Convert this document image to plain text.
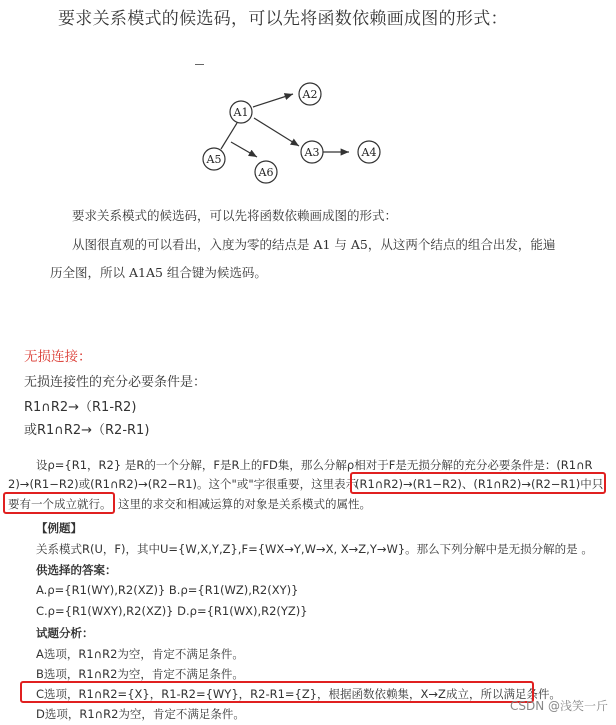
要求关系模式的候选码，可以先将函数依赖画成图的形式：
A1
A2
A3	A4
A5
A6
要求关系模式的候选码，可以先将函数依赖画成图的形式：
从图很直观的可以看出，入度为零的结点是 A1 与 A5，从这两个结点的组合出发，能遍
历全图，所以 A1A5 组合键为候选码。
无损连接：
无损连接性的充分必要条件是：
R1∩R2→（R1-R2)
或R1∩R2→（R2-R1)
设ρ={R1，R2} 是R的一个分解，F是R上的FD集，那么分解ρ相对于F是无损分解的充分必要条件是：(R1∩R
2)→(R1−R2)或(R1∩R2)→(R2−R1)。这个"或"字很重要，这里表示
(R1∩R2)→(R1−R2)、(R1∩R2)→(R2−R1)中只
要有一个成立就行。 这里的求交和相减运算的对象是关系模式的属性。
【例题】
关系模式R(U，F)，其中U={W,X,Y,Z},F={WX→Y,W→X, X→Z,Y→W}。那么下列分解中是无损分解的是 。
供选择的答案：
A.ρ={R1(WY),R2(XZ)} B.ρ={R1(WZ),R2(XY)}
C.ρ={R1(WXY),R2(XZ)} D.ρ={R1(WX),R2(YZ)}
试题分析：
A选项，R1∩R2为空，肯定不满足条件。
B选项，R1∩R2为空，肯定不满足条件。
C选项，R1∩R2={X}，R1-R2={WY}，R2-R1={Z}，根据函数依赖集，X→Z成立，所以满足条件。
D选项，R1∩R2为空，肯定不满足条件。
CSDN @浅笑一斤
